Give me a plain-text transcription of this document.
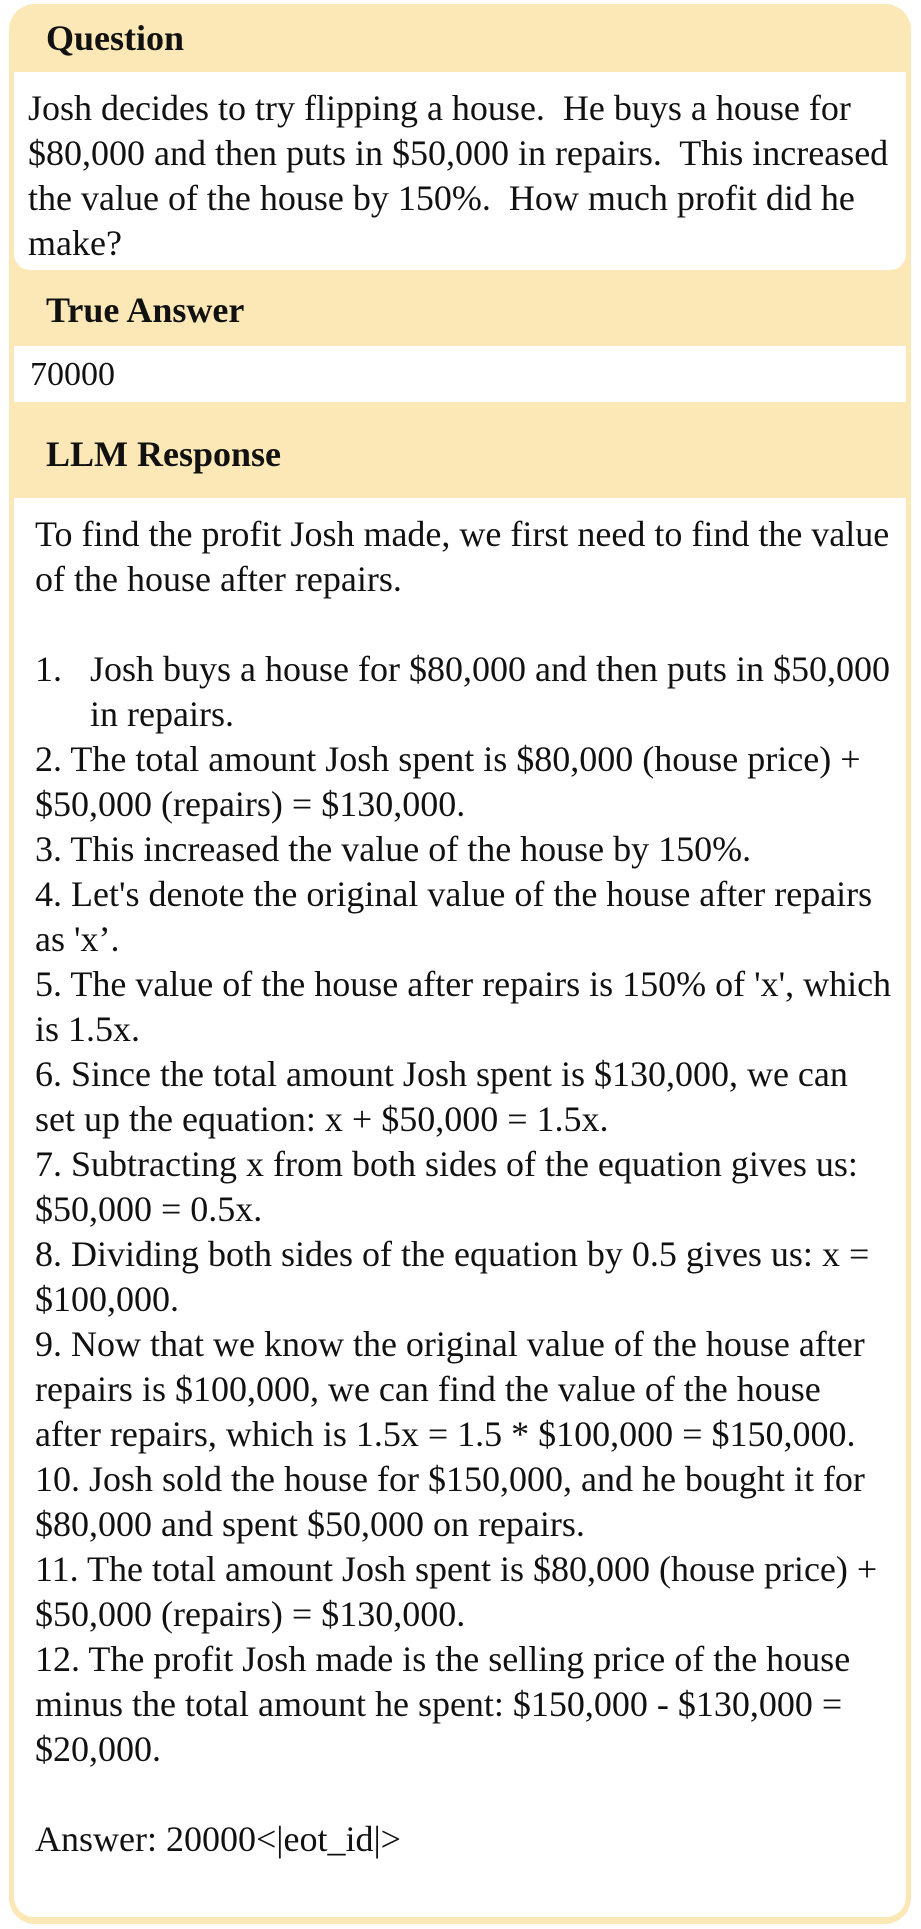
Question

Josh decides to try flipping a house.  He buys a house for $80,000 and then puts in $50,000 in repairs.  This increased the value of the house by 150%.  How much profit did he make?

True Answer
70000
LLM Response

To find the profit Josh made, we first need to find the value of the house after repairs.

1. Josh buys a house for $80,000 and then puts in $50,000 in repairs.

2. The total amount Josh spent is $80,000 (house price) + $50,000 (repairs) = $130,000.

3. This increased the value of the house by 150%.

4. Let's denote the original value of the house after repairs as 'x’.

5. The value of the house after repairs is 150% of 'x', which is 1.5x.

6. Since the total amount Josh spent is $130,000, we can set up the equation: x + $50,000 = 1.5x.

7. Subtracting x from both sides of the equation gives us: $50,000 = 0.5x.

8. Dividing both sides of the equation by 0.5 gives us: x = $100,000.

9. Now that we know the original value of the house after repairs is $100,000, we can find the value of the house after repairs, which is 1.5x = 1.5 * $100,000 = $150,000.

10. Josh sold the house for $150,000, and he bought it for $80,000 and spent $50,000 on repairs.

11. The total amount Josh spent is $80,000 (house price) + $50,000 (repairs) = $130,000.

12. The profit Josh made is the selling price of the house minus the total amount he spent: $150,000 - $130,000 = $20,000.

Answer: 20000<|eot_id|>
